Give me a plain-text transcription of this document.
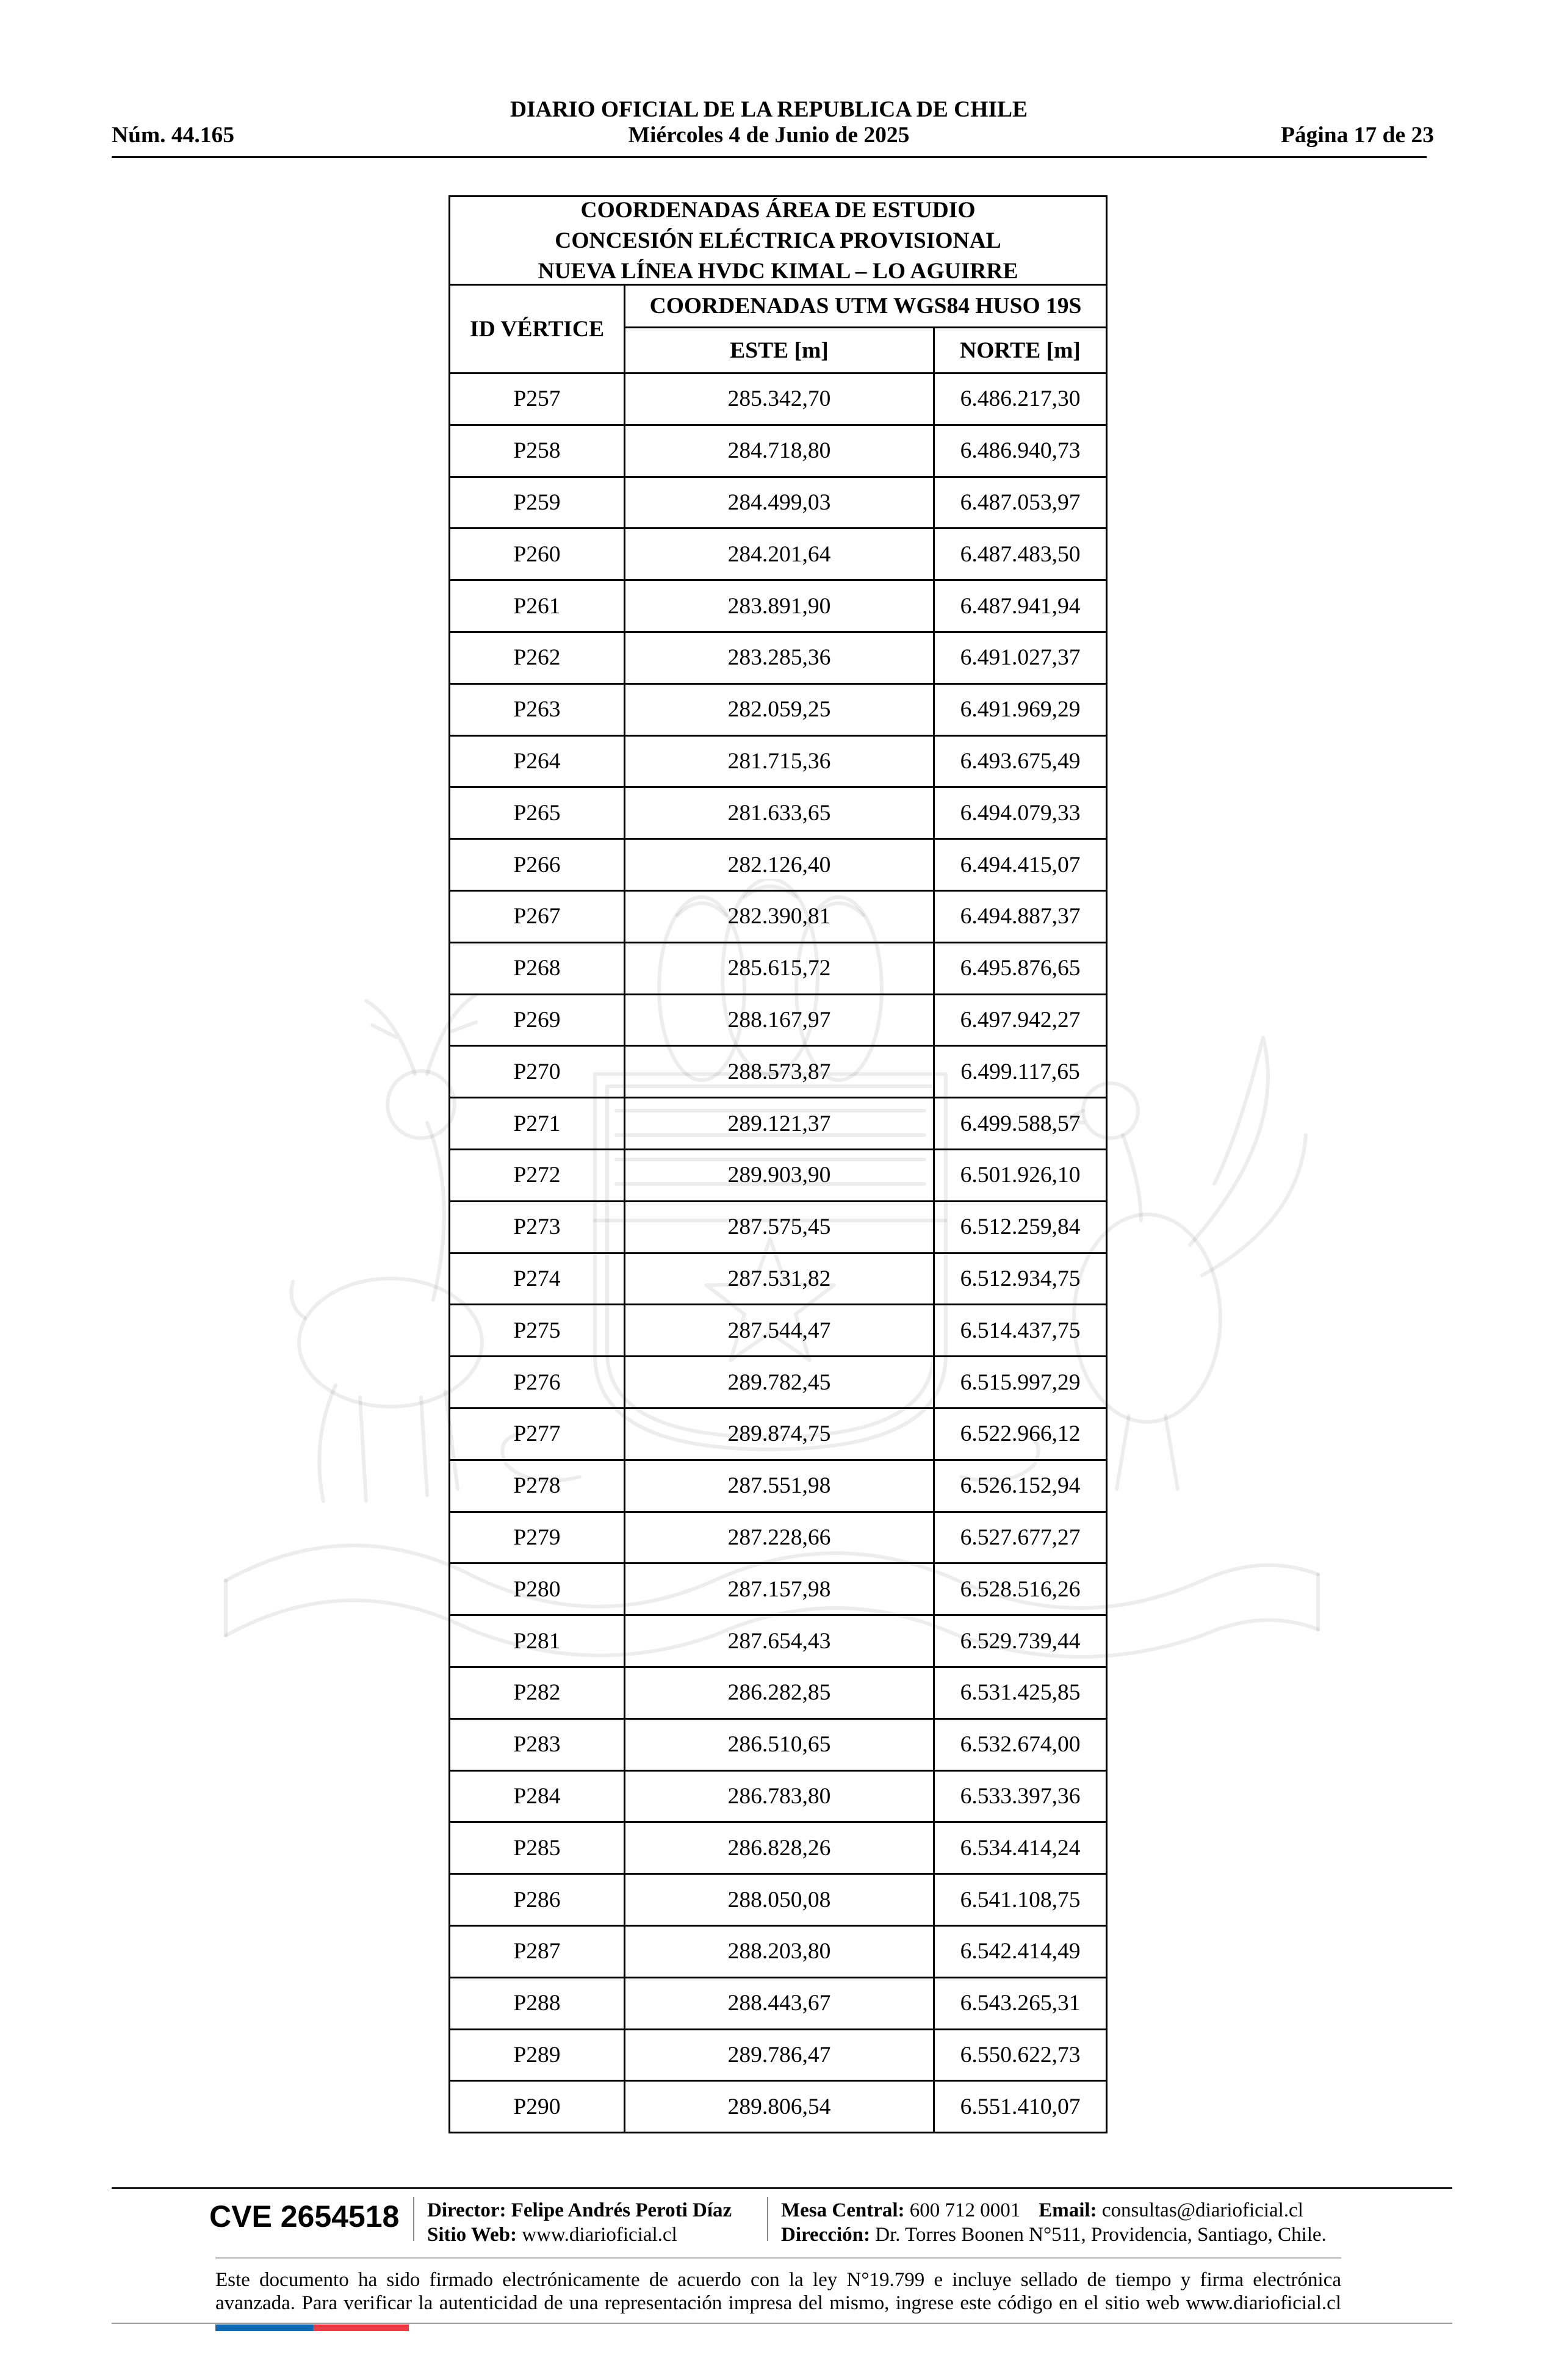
DIARIO OFICIAL DE LA REPUBLICA DE CHILE
Núm. 44.165	Miércoles 4 de Junio de 2025	Página 17 de 23
COORDENADAS ÁREA DE ESTUDIO
CONCESIÓN ELÉCTRICA PROVISIONAL
NUEVA LÍNEA HVDC KIMAL – LO AGUIRRE
ID VÉRTICE
COORDENADAS UTM WGS84 HUSO 19S
ESTE [m]	NORTE [m]
P257	285.342,70	6.486.217,30
P258	284.718,80	6.486.940,73
P259	284.499,03	6.487.053,97
P260	284.201,64	6.487.483,50
P261	283.891,90	6.487.941,94
P262	283.285,36	6.491.027,37
P263	282.059,25	6.491.969,29
P264	281.715,36	6.493.675,49
P265	281.633,65	6.494.079,33
P266	282.126,40	6.494.415,07
P267	282.390,81	6.494.887,37
P268	285.615,72	6.495.876,65
P269	288.167,97	6.497.942,27
P270	288.573,87	6.499.117,65
P271	289.121,37	6.499.588,57
P272	289.903,90	6.501.926,10
P273	287.575,45	6.512.259,84
P274	287.531,82	6.512.934,75
P275	287.544,47	6.514.437,75
P276	289.782,45	6.515.997,29
P277	289.874,75	6.522.966,12
P278	287.551,98	6.526.152,94
P279	287.228,66	6.527.677,27
P280	287.157,98	6.528.516,26
P281	287.654,43	6.529.739,44
P282	286.282,85	6.531.425,85
P283	286.510,65	6.532.674,00
P284	286.783,80	6.533.397,36
P285	286.828,26	6.534.414,24
P286	288.050,08	6.541.108,75
P287	288.203,80	6.542.414,49
P288	288.443,67	6.543.265,31
P289	289.786,47	6.550.622,73
P290	289.806,54	6.551.410,07
CVE 2654518 Director: Felipe Andrés Peroti Díaz
Sitio Web: www.diarioficial.cl
Mesa Central: 600 712 0001 Email: consultas@diarioficial.cl
Dirección: Dr. Torres Boonen N°511, Providencia, Santiago, Chile.
Este documento ha sido firmado electrónicamente de acuerdo con la ley N°19.799 e incluye sellado de tiempo y firma electrónica
avanzada. Para verificar la autenticidad de una representación impresa del mismo, ingrese este código en el sitio web www.diarioficial.cl
